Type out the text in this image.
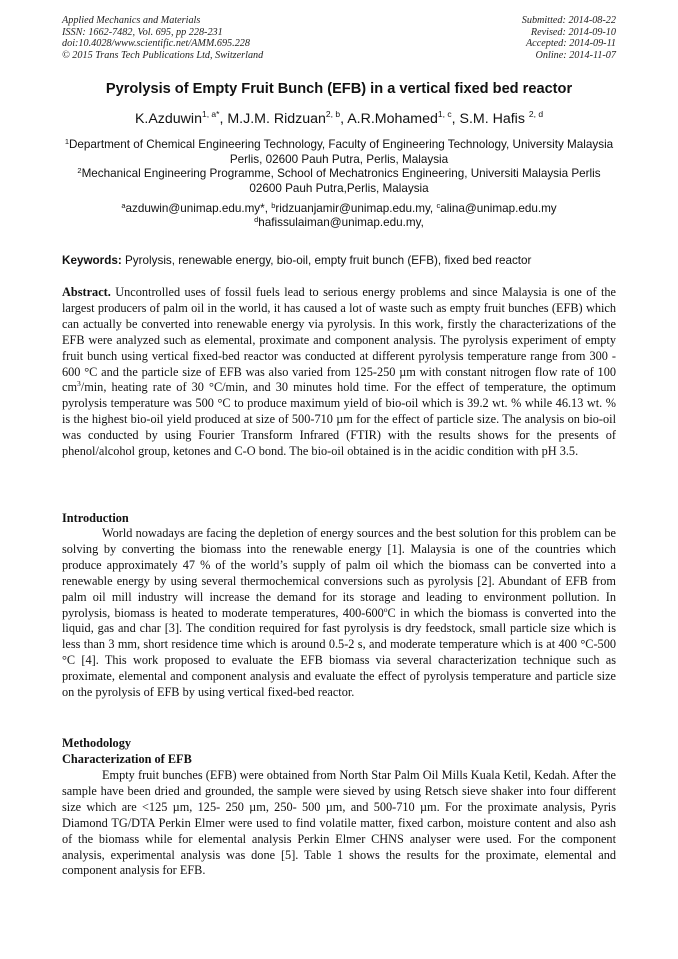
Applied Mechanics and Materials
ISSN: 1662-7482, Vol. 695, pp 228-231
doi:10.4028/www.scientific.net/AMM.695.228
© 2015 Trans Tech Publications Ltd, Switzerland
Submitted: 2014-08-22
Revised: 2014-09-10
Accepted: 2014-09-11
Online: 2014-11-07
Pyrolysis of Empty Fruit Bunch (EFB) in a vertical fixed bed reactor
K.Azduwin$^{1, a*}$, M.J.M. Ridzuan$^{2, b}$, A.R.Mohamed$^{1, c}$, S.M. Hafis $^{2, d}$
$^1$Department of Chemical Engineering Technology, Faculty of Engineering Technology, University Malaysia Perlis, 02600 Pauh Putra, Perlis, Malaysia
$^2$Mechanical Engineering Programme, School of Mechatronics Engineering, Universiti Malaysia Perlis 02600 Pauh Putra,Perlis, Malaysia
$^a$azduwin@unimap.edu.my*, $^b$ridzuanjamir@unimap.edu.my, $^c$alina@unimap.edu.my
$^d$hafissulaiman@unimap.edu.my,
Keywords: Pyrolysis, renewable energy, bio-oil, empty fruit bunch (EFB), fixed bed reactor
Abstract. Uncontrolled uses of fossil fuels lead to serious energy problems and since Malaysia is one of the largest producers of palm oil in the world, it has caused a lot of waste such as empty fruit bunches (EFB) which can actually be converted into renewable energy via pyrolysis. In this work, firstly the characterizations of the EFB were analyzed such as elemental, proximate and component analysis. The pyrolysis experiment of empty fruit bunch using vertical fixed-bed reactor was conducted at different pyrolysis temperature range from 300 - 600 °C and the particle size of EFB was also varied from 125-250 µm with constant nitrogen flow rate of 100 $cm^3/\min$, heating rate of 30 °C/min, and 30 minutes hold time. For the effect of temperature, the optimum pyrolysis temperature was 500 °C to produce maximum yield of bio-oil which is 39.2 wt. % while 46.13 wt. % is the highest bio-oil yield produced at size of 500-710 µm for the effect of particle size. The analysis on bio-oil was conducted by using Fourier Transform Infrared (FTIR) with the results shows for the presents of phenol/alcohol group, ketones and C-O bond. The bio-oil obtained is in the acidic condition with pH 3.5.
Introduction
World nowadays are facing the depletion of energy sources and the best solution for this problem can be solving by converting the biomass into the renewable energy [1]. Malaysia is one of the countries which produce approximately 47 % of the world’s supply of palm oil which the biomass can be converted into a renewable energy by using several thermochemical conversions such as pyrolysis [2]. Abundant of EFB from palm oil mill industry will increase the demand for its storage and leading to environment pollution. In pyrolysis, biomass is heated to moderate temperatures, 400-600$^o$C in which the biomass is converted into the liquid, gas and char [3]. The condition required for fast pyrolysis is dry feedstock, small particle size which is less than 3 mm, short residence time which is around 0.5-2 s, and moderate temperature which is at 400 °C-500 °C [4]. This work proposed to evaluate the EFB biomass via several characterization technique such as proximate, elemental and component analysis and evaluate the effect of pyrolysis temperature and particle size on the pyrolysis of EFB by using vertical fixed-bed reactor.
Methodology
Characterization of EFB
Empty fruit bunches (EFB) were obtained from North Star Palm Oil Mills Kuala Ketil, Kedah. After the sample have been dried and grounded, the sample were sieved by using Retsch sieve shaker into four different size which are <125 µm, 125- 250 µm, 250- 500 µm, and 500-710 µm. For the proximate analysis, Pyris Diamond TG/DTA Perkin Elmer were used to find volatile matter, fixed carbon, moisture content and also ash of the biomass while for elemental analysis Perkin Elmer CHNS analyser were used. For the component analysis, experimental analysis was done [5]. Table 1 shows the results for the proximate, elemental and component analysis for EFB.
